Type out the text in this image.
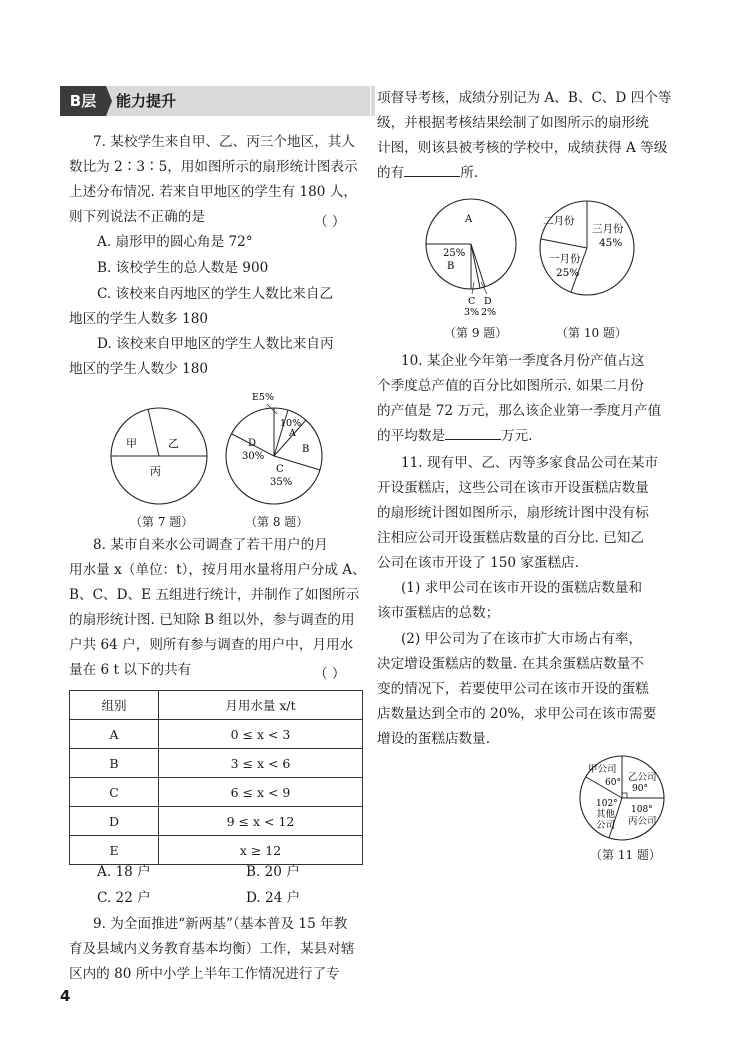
B层	能力提升

7. 某校学生来自甲、乙、丙三个地区，其人

数比为 2∶3∶5，用如图所示的扇形统计图表示

上述分布情况. 若来自甲地区的学生有 180 人，

则下列说法不正确的是	（ ）

A. 扇形甲的圆心角是 72°

B. 该校学生的总人数是 900

C. 该校来自丙地区的学生人数比来自乙

地区的学生人数多 180

D. 该校来自甲地区的学生人数比来自丙

地区的学生人数少 180

甲	乙
丙
（第 7 题）
E5%
10%
A
B
D
30%
C
35%
（第 8 题）

8. 某市自来水公司调查了若干用户的月

用水量 x（单位：t），按月用水量将用户分成 A、

B、C、D、E 五组进行统计，并制作了如图所示

的扇形统计图. 已知除 B 组以外，参与调查的用

户共 64 户，则所有参与调查的用户中，月用水

量在 6 t 以下的共有	（ ）
组别	月用水量 x/t
A	0 ≤ x < 3
B	3 ≤ x < 6
C	6 ≤ x < 9
D	9 ≤ x < 12
E	x ≥ 12

A. 18 户	B. 20 户

C. 22 户	D. 24 户

9. 为全面推进“新两基”（基本普及 15 年教

育及县域内义务教育基本均衡）工作，某县对辖

区内的 80 所中小学上半年工作情况进行了专

项督导考核，成绩分别记为 A、B、C、D 四个等

级，并根据考核结果绘制了如图所示的扇形统

计图，则该县被考核的学校中，成绩获得 A 等级

的有	所.

A
25%
B
C D
3% 2%
（第 9 题）
二月份
三月份
45%
一月份
25%
（第 10 题）

10. 某企业今年第一季度各月份产值占这

个季度总产值的百分比如图所示. 如果二月份

的产值是 72 万元，那么该企业第一季度月产值

的平均数是	万元.

11. 现有甲、乙、丙等多家食品公司在某市

开设蛋糕店，这些公司在该市开设蛋糕店数量

的扇形统计图如图所示，扇形统计图中没有标

注相应公司开设蛋糕店数量的百分比. 已知乙

公司在该市开设了 150 家蛋糕店.

(1) 求甲公司在该市开设的蛋糕店数量和

该市蛋糕店的总数；

(2) 甲公司为了在该市扩大市场占有率，

决定增设蛋糕店的数量. 在其余蛋糕店数量不

变的情况下，若要使甲公司在该市开设的蛋糕

店数量达到全市的 20%，求甲公司在该市需要

增设的蛋糕店数量.

甲公司
60° 乙公司
90°
102°
其他
公司
108°
丙公司
（第 11 题）
4
